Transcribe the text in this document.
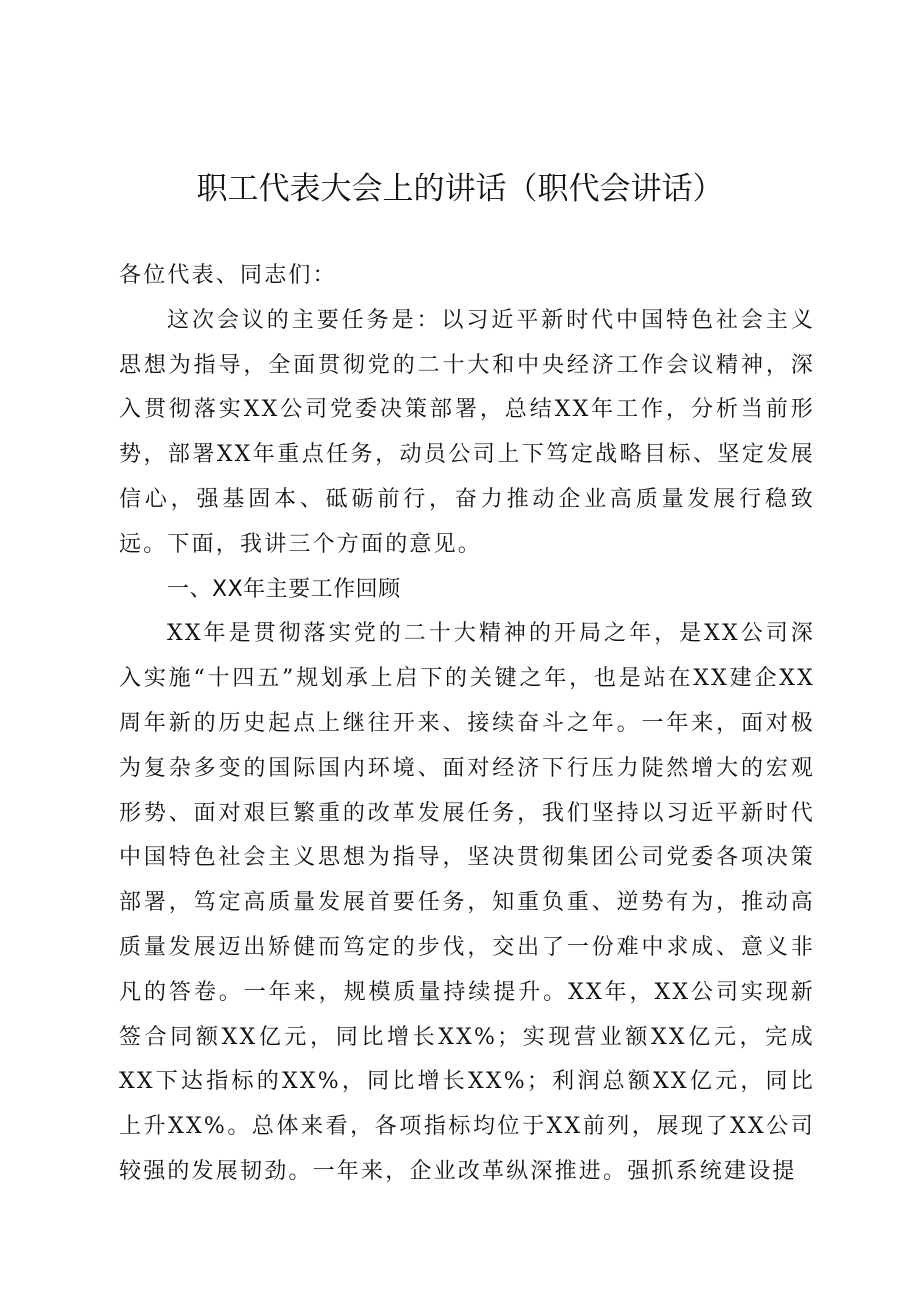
职工代表大会上的讲话（职代会讲话）

各位代表、同志们：

这次会议的主要任务是：以习近平新时代中国特色社会主义思想为指导，全面贯彻党的二十大和中央经济工作会议精神，深入贯彻落实XX公司党委决策部署，总结XX年工作，分析当前形势，部署XX年重点任务，动员公司上下笃定战略目标、坚定发展信心，强基固本、砥砺前行，奋力推动企业高质量发展行稳致远。下面，我讲三个方面的意见。

一、XX年主要工作回顾

XX年是贯彻落实党的二十大精神的开局之年，是XX公司深入实施“十四五”规划承上启下的关键之年，也是站在XX建企XX周年新的历史起点上继往开来、接续奋斗之年。一年来，面对极为复杂多变的国际国内环境、面对经济下行压力陡然增大的宏观形势、面对艰巨繁重的改革发展任务，我们坚持以习近平新时代中国特色社会主义思想为指导，坚决贯彻集团公司党委各项决策部署，笃定高质量发展首要任务，知重负重、逆势有为，推动高质量发展迈出矫健而笃定的步伐，交出了一份难中求成、意义非凡的答卷。一年来，规模质量持续提升。XX年，XX公司实现新签合同额XX亿元，同比增长XX%；实现营业额XX亿元，完成XX下达指标的XX%，同比增长XX%；利润总额XX亿元，同比上升XX%。总体来看，各项指标均位于XX前列，展现了XX公司较强的发展韧劲。一年来，企业改革纵深推进。强抓系统建设提
